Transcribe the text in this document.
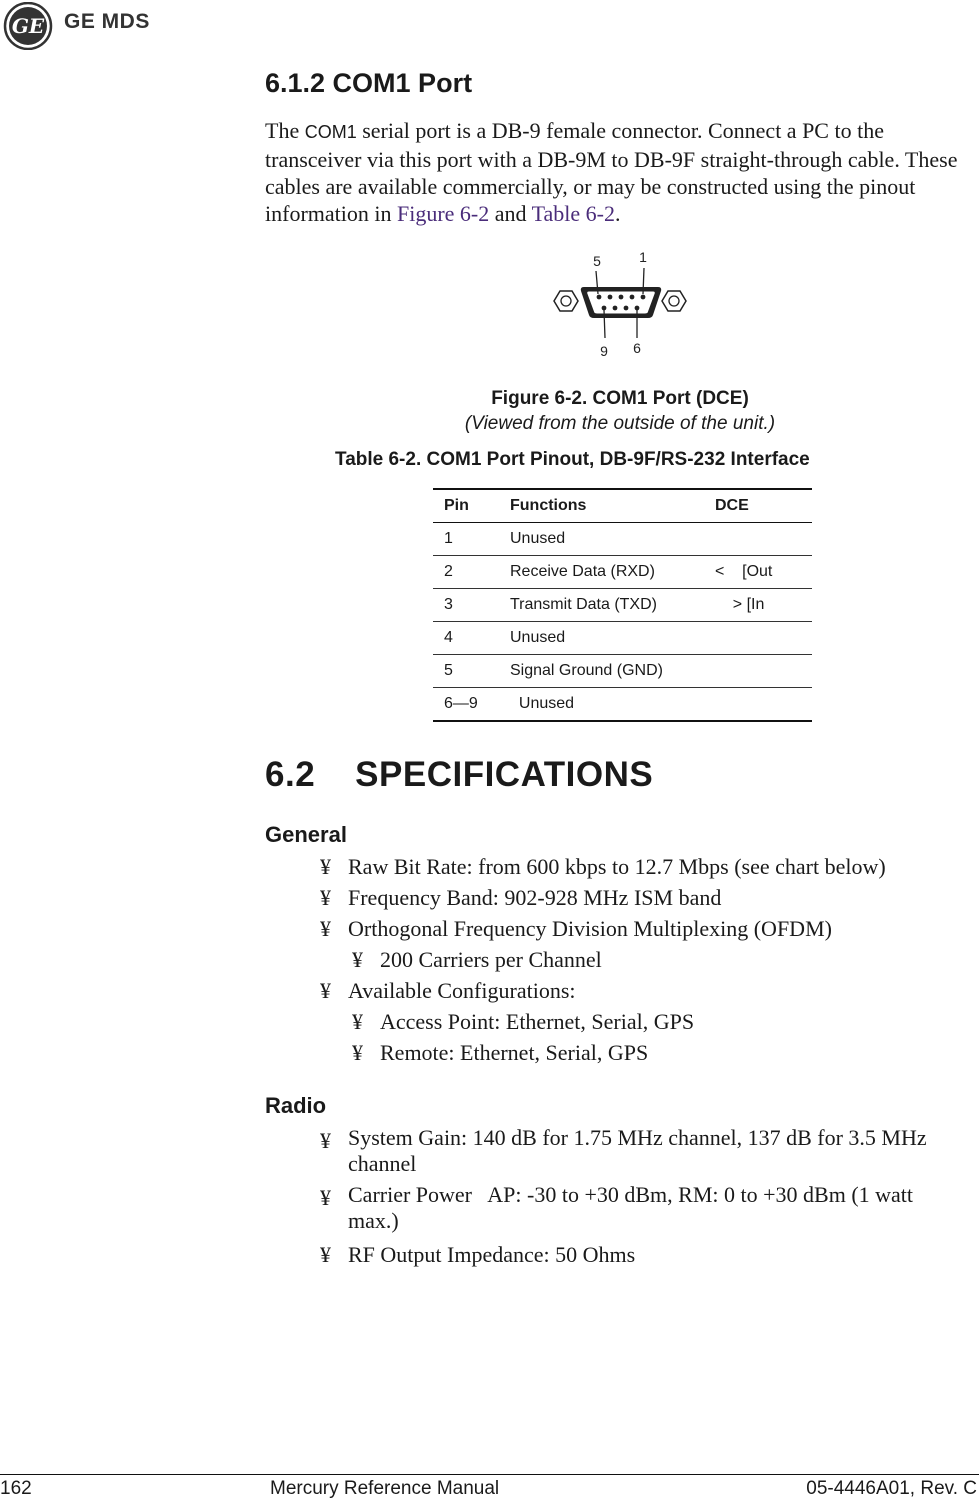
GE GE MDS
6.1.2 COM1 Port
The COM1 serial port is a DB-9 female connector. Connect a PC to the transceiver via this port with a DB-9M to DB-9F straight-through cable. These cables are available commercially, or may be constructed using the pinout information in Figure 6-2 and Table 6-2.
5	1
9 6
Figure 6-2. COM1 Port (DCE)
(Viewed from the outside of the unit.)
Table 6-2. COM1 Port Pinout, DB-9F/RS-232 Interface
Pin	Functions	DCE
1	Unused	
2	Receive Data (RXD)	<    [Out
3	Transmit Data (TXD)	> [In
4	Unused	
5	Signal Ground (GND)	
6—9	Unused	
6.2 SPECIFICATIONS
General
¥ Raw Bit Rate: from 600 kbps to 12.7 Mbps (see chart below)
¥ Frequency Band: 902-928 MHz ISM band
¥ Orthogonal Frequency Division Multiplexing (OFDM)
¥ 200 Carriers per Channel
¥ Available Configurations:
¥ Access Point: Ethernet, Serial, GPS
¥ Remote: Ethernet, Serial, GPS
Radio
¥ System Gain: 140 dB for 1.75 MHz channel, 137 dB for 3.5 MHz channel
¥ Carrier Power   AP: -30 to +30 dBm, RM: 0 to +30 dBm (1 watt max.)
¥ RF Output Impedance: 50 Ohms
162	Mercury Reference Manual	05-4446A01, Rev. C
